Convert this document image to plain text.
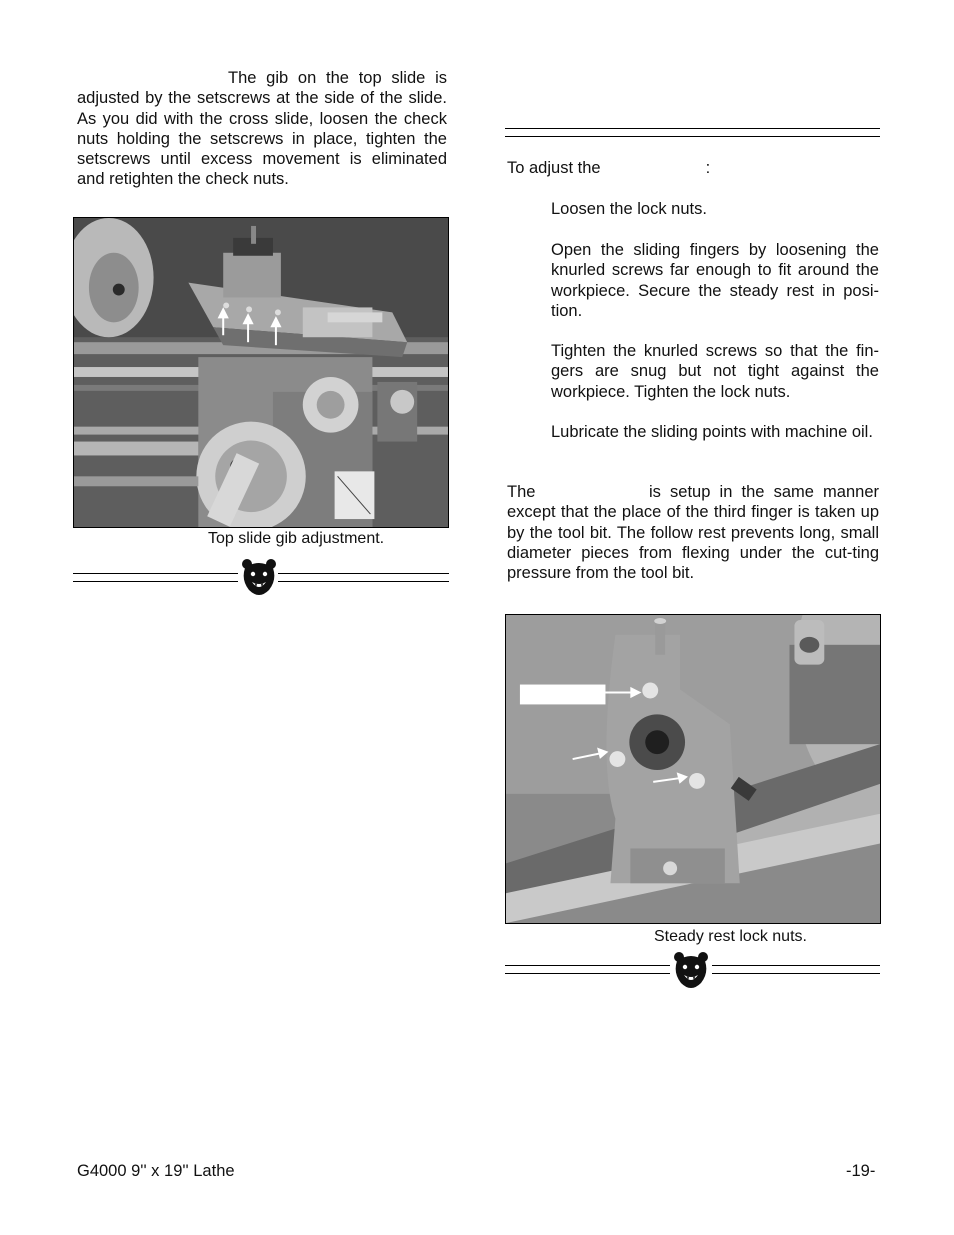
The gib on the top slide is
adjusted by the setscrews at the side of the slide. As you did with the cross slide, loosen the check nuts holding the setscrews in place, tighten the setscrews until excess movement is eliminated and retighten the check nuts.
Top slide gib adjustment.
To adjust the	:
Loosen the lock nuts.
Open the sliding fingers by loosening the knurled screws far enough to fit around the workpiece. Secure the steady rest in posi-tion.
Tighten the knurled screws so that the fin-gers are snug but not tight against the workpiece. Tighten the lock nuts.
Lubricate the sliding points with machine oil.
The	is setup in the same manner
except that the place of the third finger is taken up by the tool bit. The follow rest prevents long, small diameter pieces from flexing under the cut-ting pressure from the tool bit.
Steady rest lock nuts.
G4000 9'' x 19'' Lathe	-19-
